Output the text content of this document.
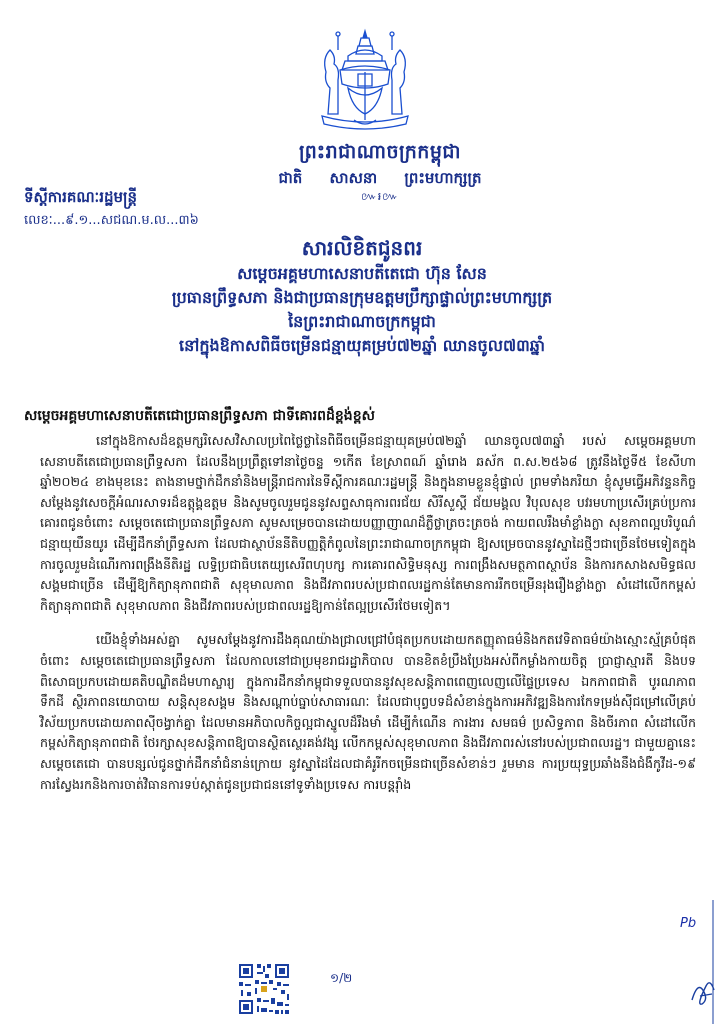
ព្រះរាជាណាចក្រកម្ពុជា
ជាតិ សាសនា ព្រះមហាក្សត្រ
៚៛៚
ទីស្តីការគណៈរដ្ឋមន្ត្រី
លេខៈ...៩.១...សជណ.ម.ល...៣៦
សារលិខិតជូនពរ
សម្តេចអគ្គមហាសេនាបតីតេជោ ហ៊ុន សែន
ប្រធានព្រឹទ្ធសភា និងជាប្រធានក្រុមឧត្តមប្រឹក្សាផ្ទាល់ព្រះមហាក្សត្រ
នៃព្រះរាជាណាចក្រកម្ពុជា
នៅក្នុងឱកាសពិធីចម្រើនជន្មាយុគម្រប់៧២ឆ្នាំ ឈានចូល៧៣ឆ្នាំ
សម្តេចអគ្គមហាសេនាបតីតេជោប្រធានព្រឹទ្ធសភា ជាទីគោរពដ៏ខ្ពង់ខ្ពស់

នៅក្នុងឱកាសដ៏ឧត្តមក្សរិសេសវិសាលប្រពៃថ្លៃថ្លានៃពិធីចម្រើនជន្មាយុគម្រប់៧២ឆ្នាំ ឈានចូល៧៣ឆ្នាំ របស់ សម្តេចអគ្គមហាសេនាបតីតេជោប្រធានព្រឹទ្ធសភា ដែលនឹងប្រព្រឹត្តទៅនាថ្ងៃចន្ទ ១កើត ខែស្រាពណ៍ ឆ្នាំរោង ឆស័ក ព.ស.២៥៦៨ ត្រូវនឹងថ្ងៃទី៥ ខែសីហា ឆ្នាំ២០២៤ ខាងមុខនេះ តាងនាមថ្នាក់ដឹកនាំនិងមន្ត្រីរាជការនៃទីស្តីការគណៈរដ្ឋមន្ត្រី និងក្នុងនាមខ្លួនខ្ញុំផ្ទាល់ ព្រមទាំងភរិយា ខ្ញុំសូមធ្វើអភិវន្ទនកិច្ចសម្តែងនូវសេចក្តីអំណរសាទរដ៏ឧត្តុង្គឧត្តម និងសូមចូលរួមជូននូវសព្ទសាធុការពរជ័យ សិរីសួស្តី ជ័យមង្គល វិបុលសុខ បវរមហាប្រសើរគ្រប់ប្រការ គោរពជូនចំពោះ សម្តេចតេជោប្រធានព្រឹទ្ធសភា សូមសម្រេចបានដោយបញ្ញាញាណដ៏ភ្លឺថ្លាត្រចះត្រចង់ កាយពលរឹងមាំខ្លាំងក្លា សុខភាពល្អបរិបូណ៌ ជន្មាយុយឺនយូរ ដើម្បីដឹកនាំព្រឹទ្ធសភា ដែលជាស្ថាប័ននីតិបញ្ញត្តិកំពូលនៃព្រះរាជាណាចក្រកម្ពុជា ឱ្យសម្រេចបាននូវស្នាដៃថ្មីៗជាច្រើនថែមទៀតក្នុងការចូលរួមដំណើរការពង្រឹងនីតិរដ្ឋ លទ្ធិប្រជាធិបតេយ្យសេរីពហុបក្ស ការគោរពសិទ្ធិមនុស្ស ការពង្រឹងសមត្ថភាពស្ថាប័ន និងការកសាងសមិទ្ធផលសង្គមជាច្រើន ដើម្បីឱ្យកិត្យានុភាពជាតិ សុខុមាលភាព និងជីវភាពរបស់ប្រជាពលរដ្ឋកាន់តែមានការរីកចម្រើនរុងរឿងខ្លាំងក្លា សំដៅលើកកម្ពស់កិត្យានុភាពជាតិ សុខុមាលភាព និងជីវភាពរបស់ប្រជាពលរដ្ឋឱ្យកាន់តែល្អប្រសើរថែមទៀត។

យើងខ្ញុំទាំងអស់គ្នា សូមសម្តែងនូវការដឹងគុណយ៉ាងជ្រាលជ្រៅបំផុតប្រកបដោយកតញ្ញុតាធម៌និងកតវេទិតាធម៌យ៉ាងស្មោះស្ម័គ្របំផុតចំពោះ សម្តេចតេជោប្រធានព្រឹទ្ធសភា ដែលកាលនៅជាប្រមុខរាជរដ្ឋាភិបាល បានខិតខំប្រឹងប្រែងអស់ពីកម្លាំងកាយចិត្ត ប្រាជ្ញាស្មារតី និងបទពិសោធប្រកបដោយគតិបណ្ឌិតដ៏មហាស្ចារ្យ ក្នុងការដឹកនាំកម្ពុជាទទួលបាននូវសុខសន្តិភាពពេញលេញលើផ្ទៃប្រទេស ឯកភាពជាតិ បូរណភាពទឹកដី ស្ថិរភាពនយោបាយ សន្តិសុខសង្គម និងសណ្តាប់ធ្នាប់សាធារណៈ ដែលជាបុព្វបទដ៏សំខាន់ក្នុងការអភិវឌ្ឍនិងការកែទម្រង់ស៊ីជម្រៅលើគ្រប់វិស័យប្រកបដោយភាពស៊ីចង្វាក់គ្នា ដែលមានអភិបាលកិច្ចល្អជាស្នូលដ៏រឹងមាំ ដើម្បីកំណើន ការងារ សមធម៌ ប្រសិទ្ធភាព និងចីរភាព សំដៅលើកកម្ពស់កិត្យានុភាពជាតិ ថែរក្សាសុខសន្តិភាពឱ្យបានស្ថិតស្ថេរគង់វង្ស លើកកម្ពស់សុខុមាលភាព និងជីវភាពរស់នៅរបស់ប្រជាពលរដ្ឋ។ ជាមួយគ្នានេះ សម្តេចតេជោ បានបន្សល់ជូនថ្នាក់ដឹកនាំជំនាន់ក្រោយ នូវស្នាដៃដែលជាគំរូរីកចម្រើនជាច្រើនសំខាន់ៗ រួមមាន ការប្រយុទ្ធប្រឆាំងនឹងជំងឺកូវីដ-១៩ ការស្វែងរកនិងការចាត់វិធានការទប់ស្កាត់ជូនប្រជាជននៅទូទាំងប្រទេស ការបន្តរ៉ាំង

Pb
១/២
